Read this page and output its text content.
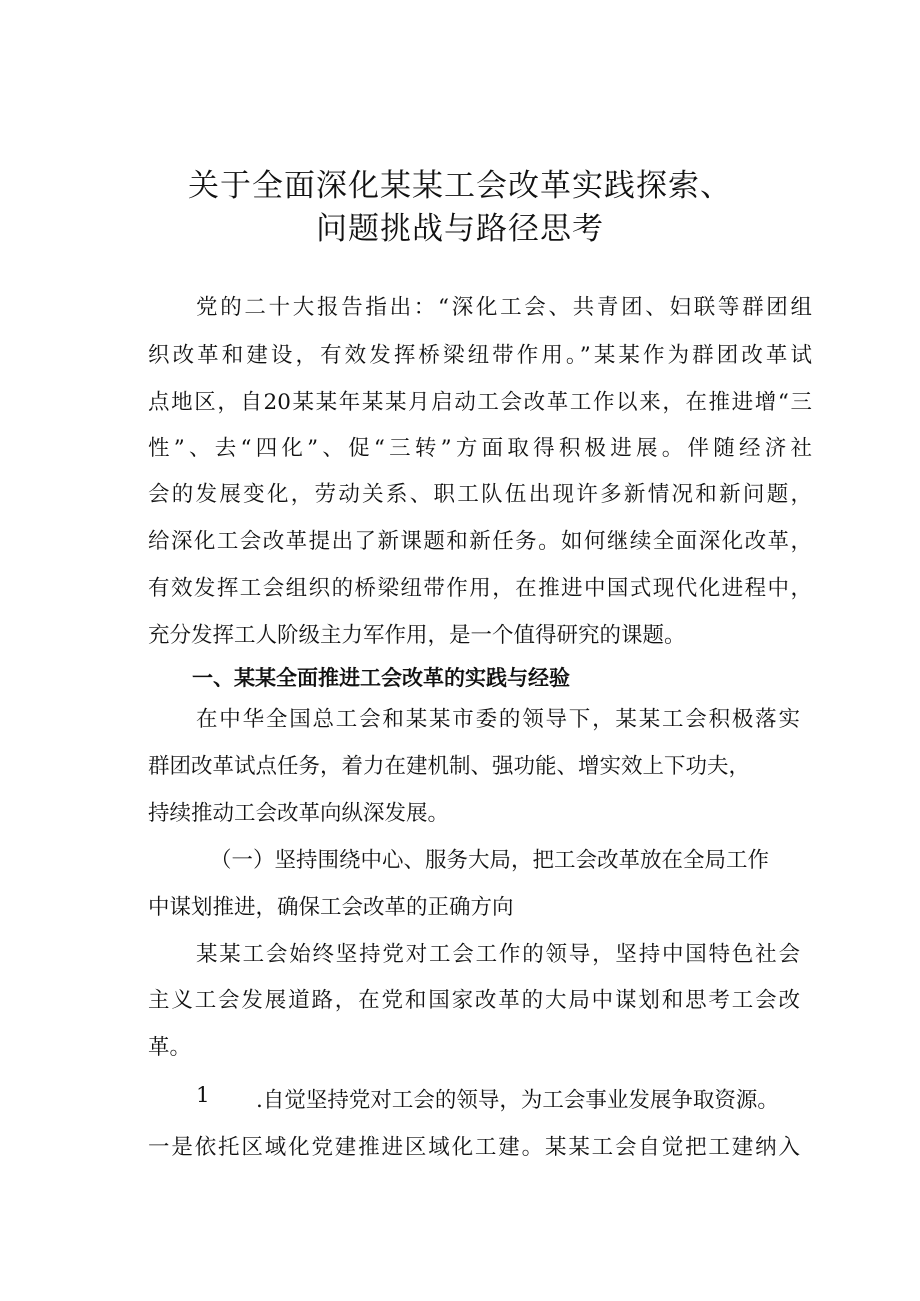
关于全面深化某某工会改革实践探索、
问题挑战与路径思考
党的二十大报告指出：“深化工会、共青团、妇联等群团组
织改革和建设，有效发挥桥梁纽带作用。”某某作为群团改革试
点地区，自20某某年某某月启动工会改革工作以来，在推进增“三
性”、去“四化”、促“三转”方面取得积极进展。伴随经济社
会的发展变化，劳动关系、职工队伍出现许多新情况和新问题，
给深化工会改革提出了新课题和新任务。如何继续全面深化改革，
有效发挥工会组织的桥梁纽带作用，在推进中国式现代化进程中，
充分发挥工人阶级主力军作用，是一个值得研究的课题。
一、某某全面推进工会改革的实践与经验
在中华全国总工会和某某市委的领导下，某某工会积极落实
群团改革试点任务，着力在建机制、强功能、增实效上下功夫，
持续推动工会改革向纵深发展。
（一）坚持围绕中心、服务大局，把工会改革放在全局工作
中谋划推进，确保工会改革的正确方向
某某工会始终坚持党对工会工作的领导，坚持中国特色社会
主义工会发展道路，在党和国家改革的大局中谋划和思考工会改
革。
1 .自觉坚持党对工会的领导，为工会事业发展争取资源。
一是依托区域化党建推进区域化工建。某某工会自觉把工建纳入
